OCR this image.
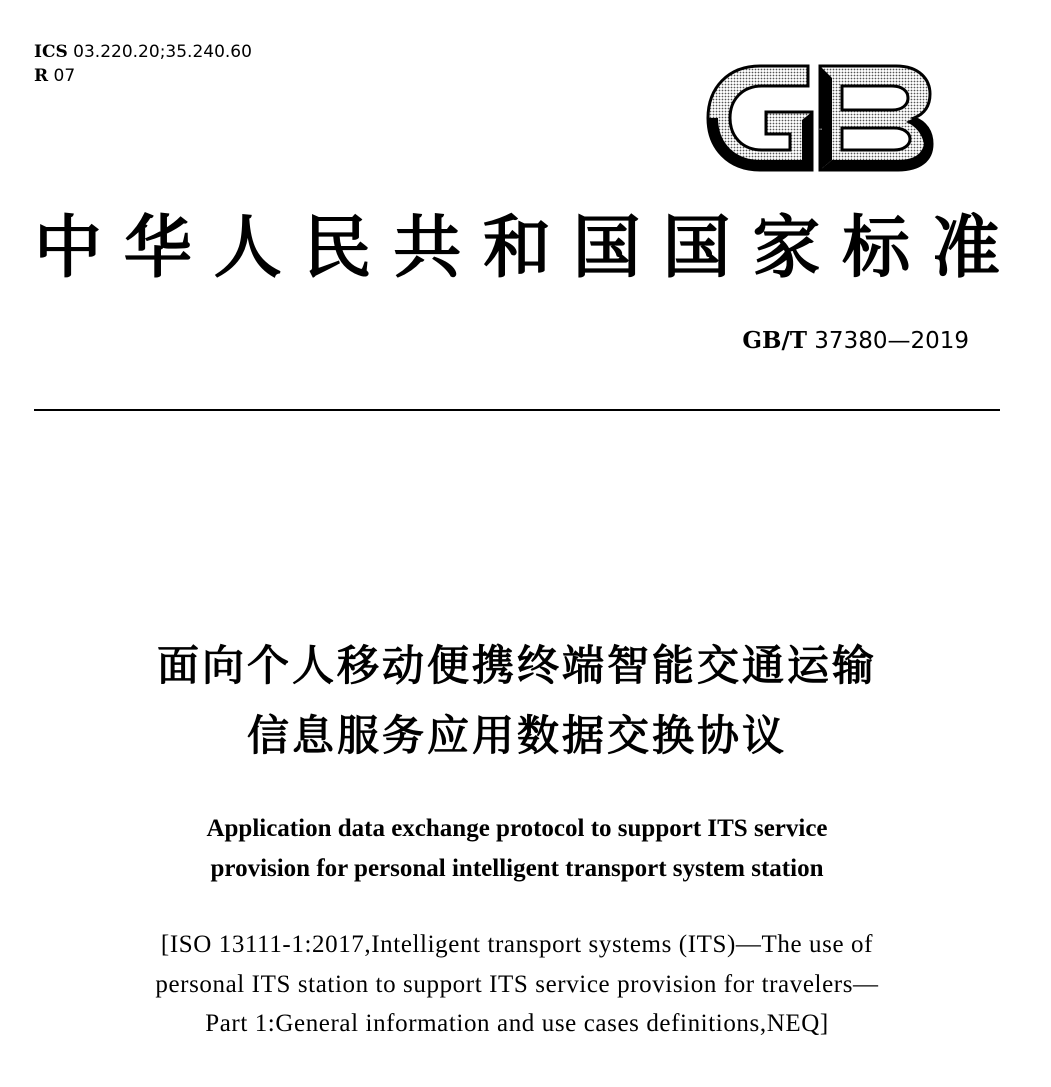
ICS 03.220.20;35.240.60
R 07
GB
中 华 人 民 共 和 国 国 家 标 准
GB/T 37380—2019
面向个人移动便携终端智能交通运输
信息服务应用数据交换协议
Application data exchange protocol to support ITS service
provision for personal intelligent transport system station
[ISO 13111-1:2017,Intelligent transport systems (ITS)—The use of
personal ITS station to support ITS service provision for travelers—
Part 1:General information and use cases definitions,NEQ]
